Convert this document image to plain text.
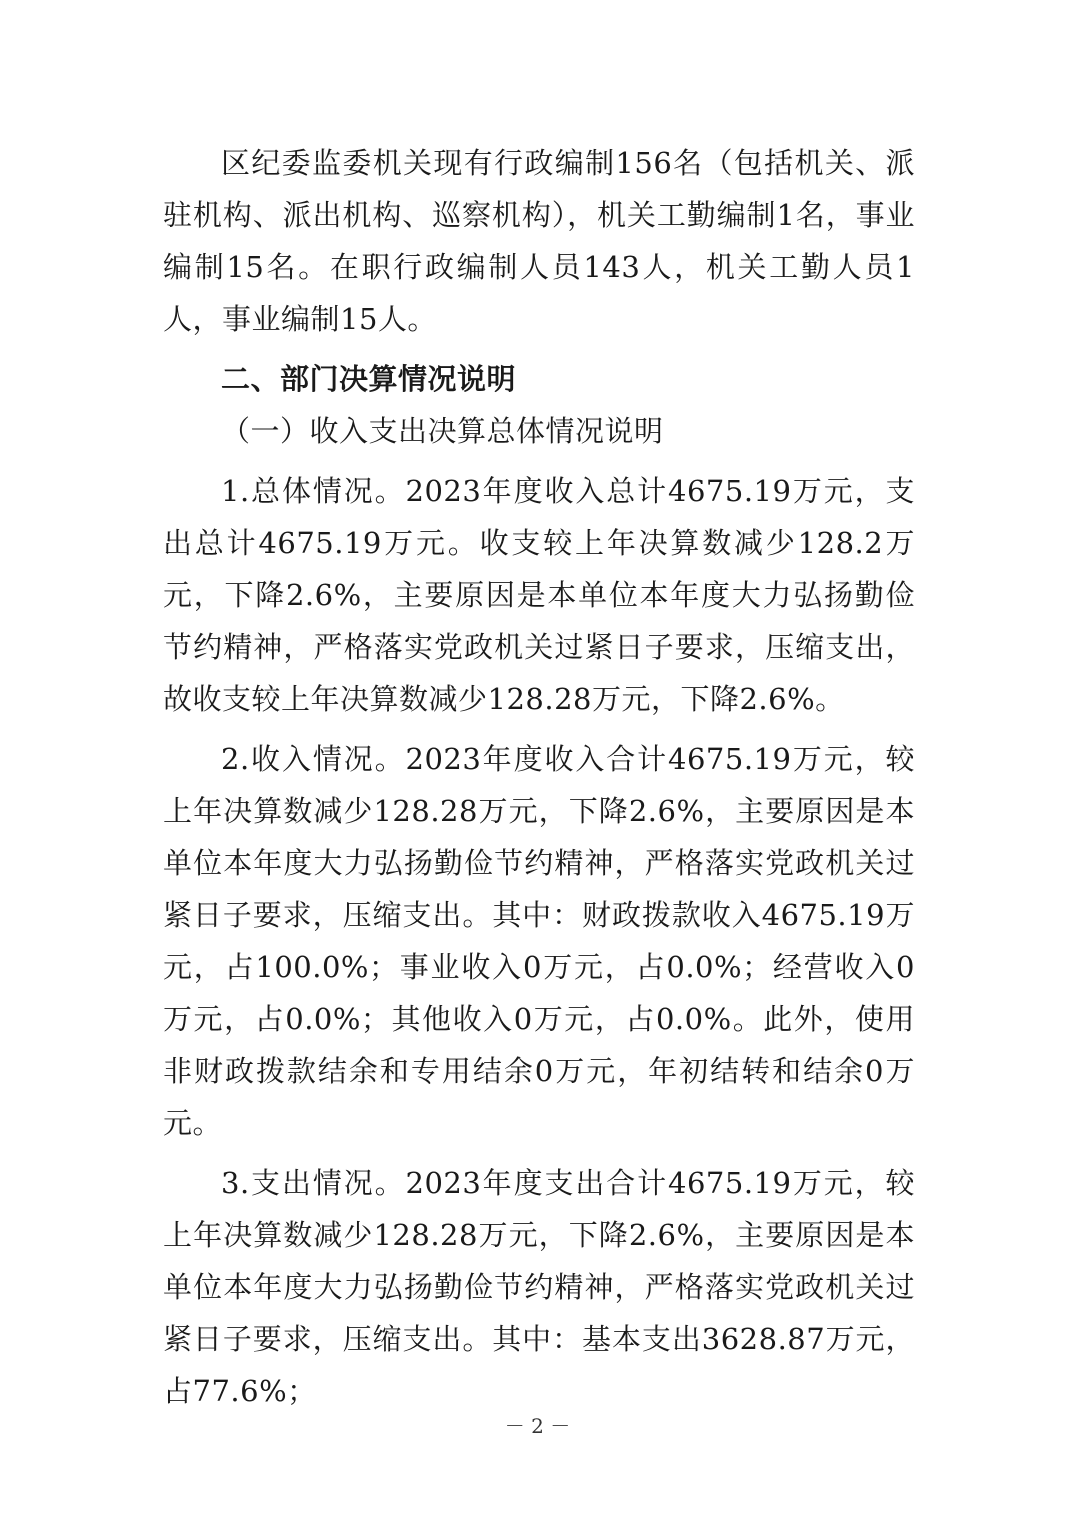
区纪委监委机关现有行政编制156名（包括机关、派驻机构、派出机构、巡察机构），机关工勤编制1名，事业编制15名。在职行政编制人员143人，机关工勤人员1人，事业编制15人。

二、部门决算情况说明

（一）收入支出决算总体情况说明

1.总体情况。2023年度收入总计4675.19万元，支出总计4675.19万元。收支较上年决算数减少128.2万元，下降2.6%，主要原因是本单位本年度大力弘扬勤俭节约精神，严格落实党政机关过紧日子要求，压缩支出，故收支较上年决算数减少128.28万元，下降2.6%。

2.收入情况。2023年度收入合计4675.19万元，较上年决算数减少128.28万元，下降2.6%，主要原因是本单位本年度大力弘扬勤俭节约精神，严格落实党政机关过紧日子要求，压缩支出。其中：财政拨款收入4675.19万元，占100.0%；事业收入0万元，占0.0%；经营收入0万元，占0.0%；其他收入0万元，占0.0%。此外，使用非财政拨款结余和专用结余0万元，年初结转和结余0万元。

3.支出情况。2023年度支出合计4675.19万元，较上年决算数减少128.28万元，下降2.6%，主要原因是本单位本年度大力弘扬勤俭节约精神，严格落实党政机关过紧日子要求，压缩支出。其中：基本支出3628.87万元，占77.6%；

－ 2 －
